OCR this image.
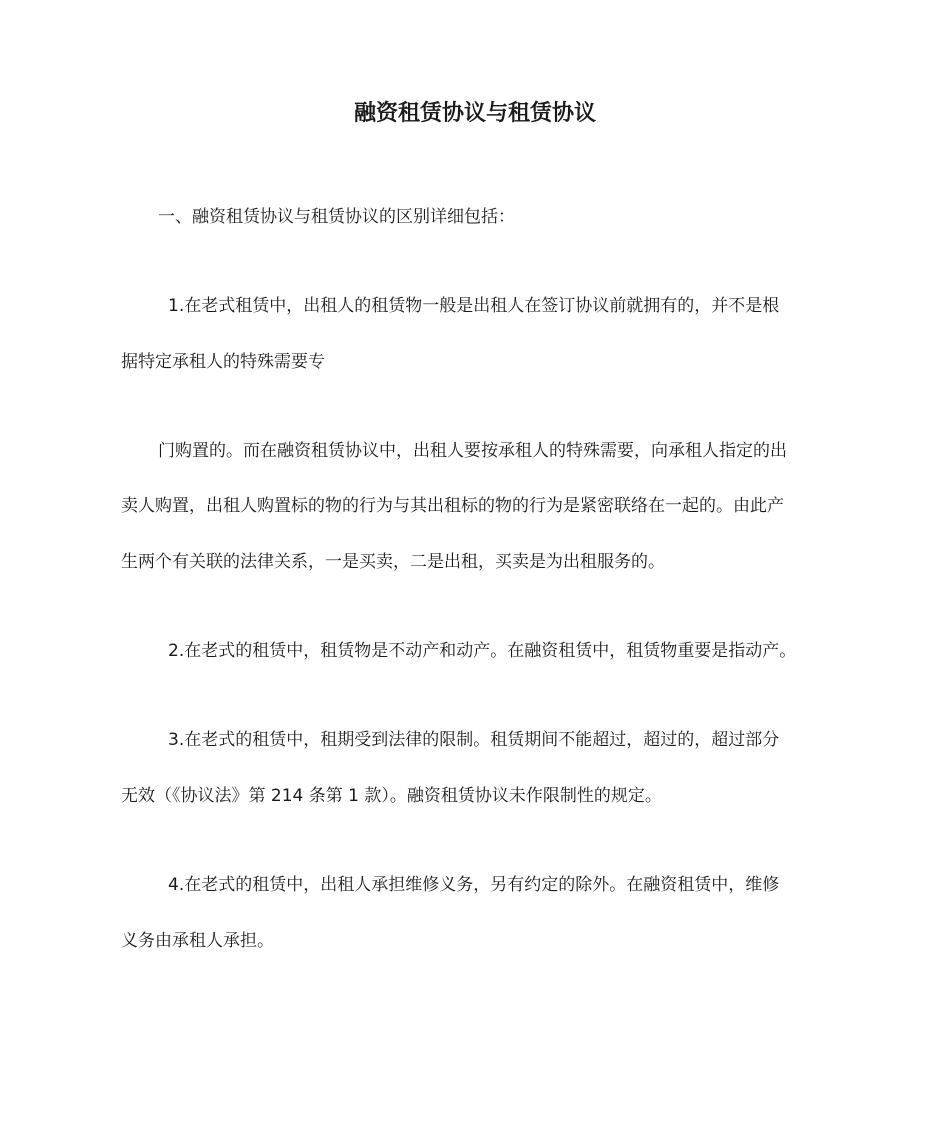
融资租赁协议与租赁协议
一、融资租赁协议与租赁协议的区别详细包括：
1.在老式租赁中，出租人的租赁物一般是出租人在签订协议前就拥有的，并不是根
据特定承租人的特殊需要专
门购置的。而在融资租赁协议中，出租人要按承租人的特殊需要，向承租人指定的出
卖人购置，出租人购置标的物的行为与其出租标的物的行为是紧密联络在一起的。由此产
生两个有关联的法律关系，一是买卖，二是出租，买卖是为出租服务的。
2.在老式的租赁中，租赁物是不动产和动产。在融资租赁中，租赁物重要是指动产。
3.在老式的租赁中，租期受到法律的限制。租赁期间不能超过，超过的，超过部分
无效（《协议法》第 214 条第 1 款）。融资租赁协议未作限制性的规定。
4.在老式的租赁中，出租人承担维修义务，另有约定的除外。在融资租赁中，维修
义务由承租人承担。
